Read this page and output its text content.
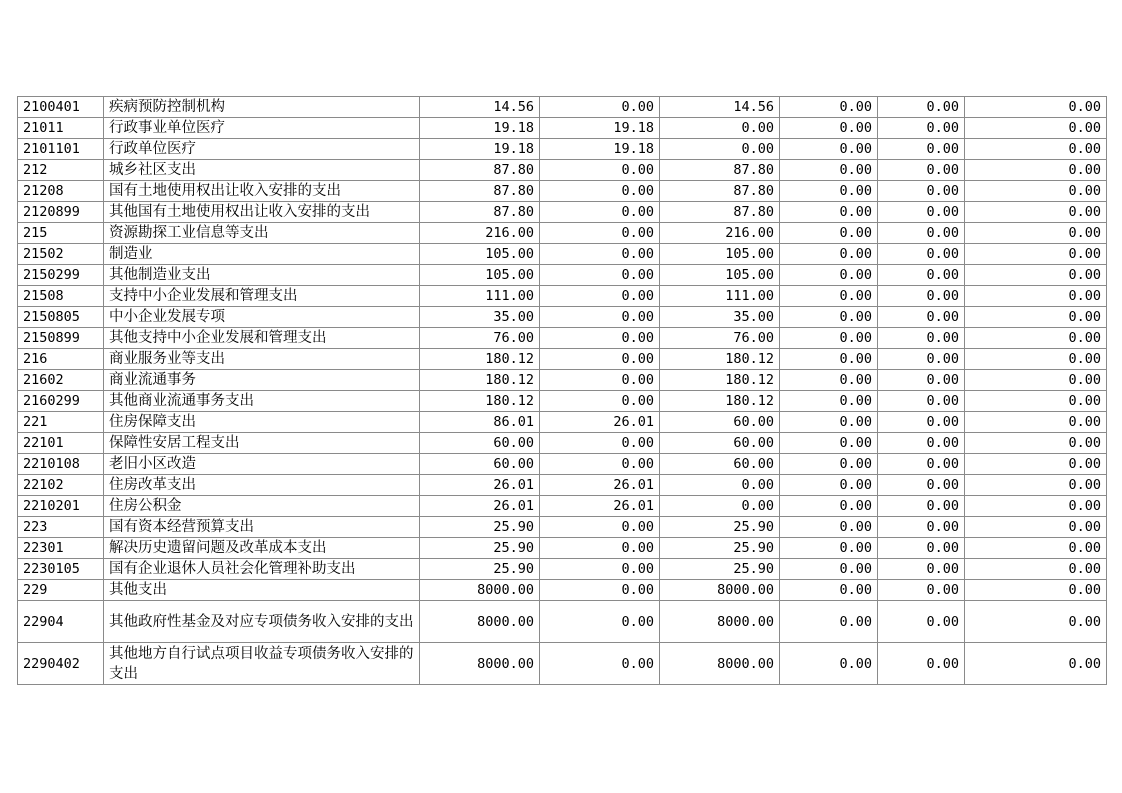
2100401	疾病预防控制机构	14.56	0.00	14.56	0.00	0.00	0.00
21011	行政事业单位医疗	19.18	19.18	0.00	0.00	0.00	0.00
2101101	行政单位医疗	19.18	19.18	0.00	0.00	0.00	0.00
212	城乡社区支出	87.80	0.00	87.80	0.00	0.00	0.00
21208	国有土地使用权出让收入安排的支出	87.80	0.00	87.80	0.00	0.00	0.00
2120899	其他国有土地使用权出让收入安排的支出	87.80	0.00	87.80	0.00	0.00	0.00
215	资源勘探工业信息等支出	216.00	0.00	216.00	0.00	0.00	0.00
21502	制造业	105.00	0.00	105.00	0.00	0.00	0.00
2150299	其他制造业支出	105.00	0.00	105.00	0.00	0.00	0.00
21508	支持中小企业发展和管理支出	111.00	0.00	111.00	0.00	0.00	0.00
2150805	中小企业发展专项	35.00	0.00	35.00	0.00	0.00	0.00
2150899	其他支持中小企业发展和管理支出	76.00	0.00	76.00	0.00	0.00	0.00
216	商业服务业等支出	180.12	0.00	180.12	0.00	0.00	0.00
21602	商业流通事务	180.12	0.00	180.12	0.00	0.00	0.00
2160299	其他商业流通事务支出	180.12	0.00	180.12	0.00	0.00	0.00
221	住房保障支出	86.01	26.01	60.00	0.00	0.00	0.00
22101	保障性安居工程支出	60.00	0.00	60.00	0.00	0.00	0.00
2210108	老旧小区改造	60.00	0.00	60.00	0.00	0.00	0.00
22102	住房改革支出	26.01	26.01	0.00	0.00	0.00	0.00
2210201	住房公积金	26.01	26.01	0.00	0.00	0.00	0.00
223	国有资本经营预算支出	25.90	0.00	25.90	0.00	0.00	0.00
22301	解决历史遗留问题及改革成本支出	25.90	0.00	25.90	0.00	0.00	0.00
2230105	国有企业退休人员社会化管理补助支出	25.90	0.00	25.90	0.00	0.00	0.00
229	其他支出	8000.00	0.00	8000.00	0.00	0.00	0.00
22904	其他政府性基金及对应专项债务收入安排的支出	8000.00	0.00	8000.00	0.00	0.00	0.00
2290402	其他地方自行试点项目收益专项债务收入安排的支出	8000.00	0.00	8000.00	0.00	0.00	0.00
